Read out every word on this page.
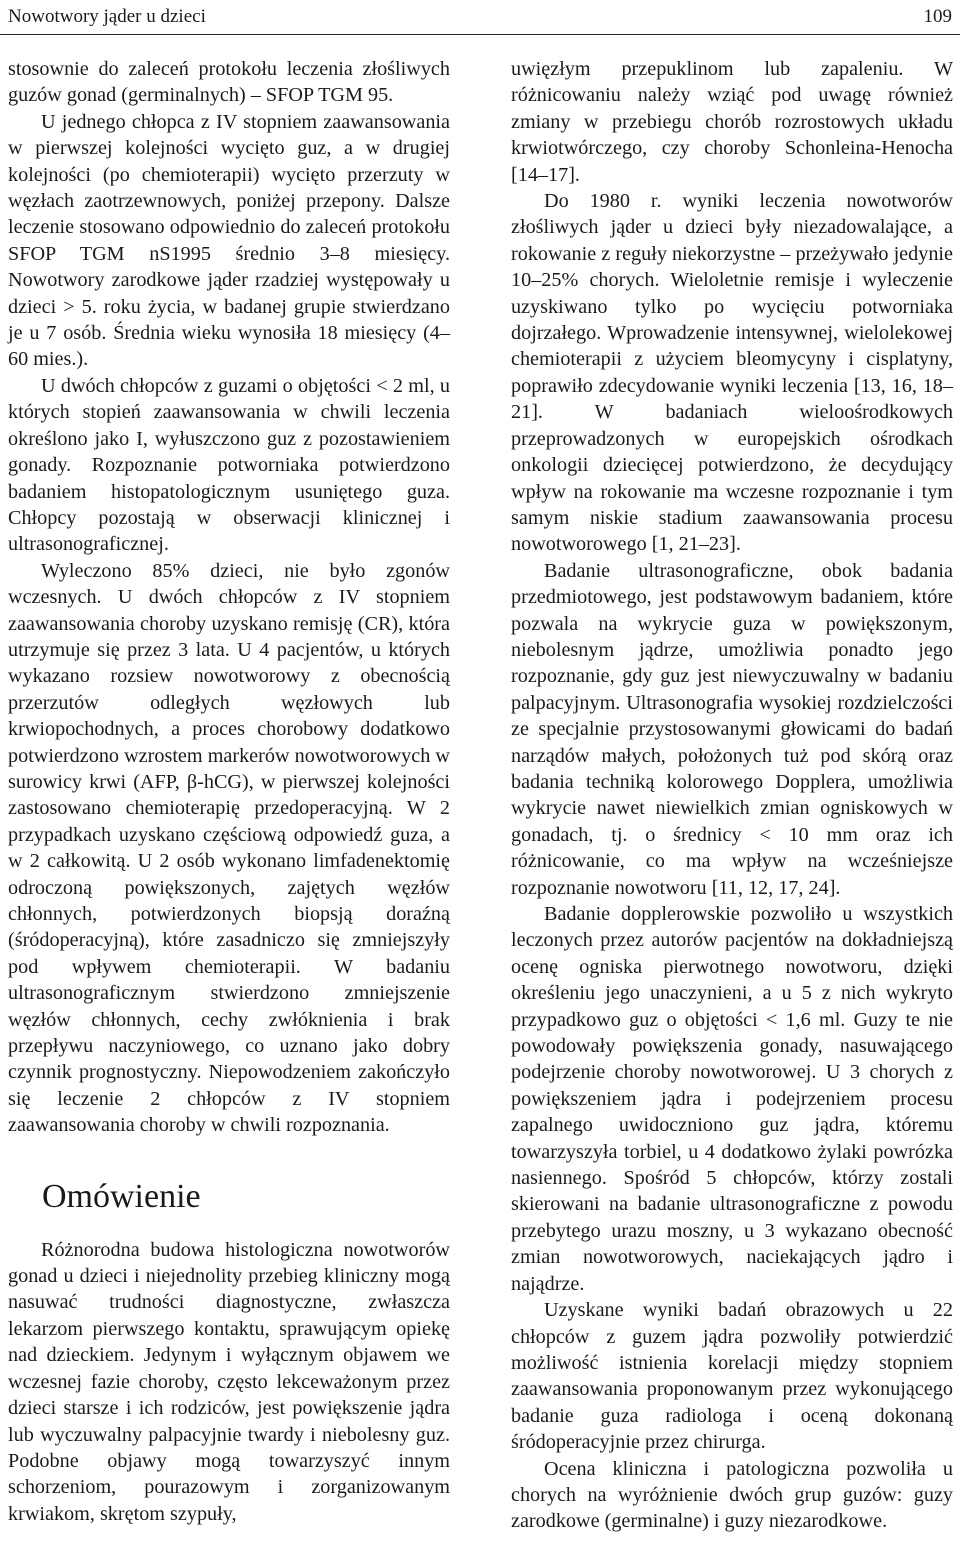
Nowotwory jąder u dzieci	109

stosownie do zaleceń protokołu leczenia złośliwych guzów gonad (germinalnych) – SFOP TGM 95.

U jednego chłopca z IV stopniem zaawansowania w pierwszej kolejności wycięto guz, a w drugiej kolejności (po chemioterapii) wycięto przerzuty w węzłach zaotrzewnowych, poniżej przepony. Dalsze leczenie stosowano odpowiednio do zaleceń protokołu SFOP TGM nS1995 średnio 3–8 miesięcy. Nowotwory zarodkowe jąder rzadziej występowały u dzieci > 5. roku życia, w badanej grupie stwierdzano je u 7 osób. Średnia wieku wynosiła 18 miesięcy (4–60 mies.).

U dwóch chłopców z guzami o objętości < 2 ml, u których stopień zaawansowania w chwili leczenia określono jako I, wyłuszczono guz z pozostawieniem gonady. Rozpoznanie potworniaka potwierdzono badaniem histopatologicznym usuniętego guza. Chłopcy pozostają w obserwacji klinicznej i ultrasonograficznej.

Wyleczono 85% dzieci, nie było zgonów wczesnych. U dwóch chłopców z IV stopniem zaawansowania choroby uzyskano remisję (CR), która utrzymuje się przez 3 lata. U 4 pacjentów, u których wykazano rozsiew nowotworowy z obecnością przerzutów odległych węzłowych lub krwiopochodnych, a proces chorobowy dodatkowo potwierdzono wzrostem markerów nowotworowych w surowicy krwi (AFP, β-hCG), w pierwszej kolejności zastosowano chemioterapię przedoperacyjną. W 2 przypadkach uzyskano częściową odpowiedź guza, a w 2 całkowitą. U 2 osób wykonano limfadenektomię odroczoną powiększonych, zajętych węzłów chłonnych, potwierdzonych biopsją doraźną (śródoperacyjną), które zasadniczo się zmniejszyły pod wpływem chemioterapii. W badaniu ultrasonograficznym stwierdzono zmniejszenie węzłów chłonnych, cechy zwłóknienia i brak przepływu naczyniowego, co uznano jako dobry czynnik prognostyczny. Niepowodzeniem zakończyło się leczenie 2 chłopców z IV stopniem zaawansowania choroby w chwili rozpoznania.

Omówienie

Różnorodna budowa histologiczna nowotworów gonad u dzieci i niejednolity przebieg kliniczny mogą nasuwać trudności diagnostyczne, zwłaszcza lekarzom pierwszego kontaktu, sprawującym opiekę nad dzieckiem. Jedynym i wyłącznym objawem we wczesnej fazie choroby, często lekceważonym przez dzieci starsze i ich rodziców, jest powiększenie jądra lub wyczuwalny palpacyjnie twardy i niebolesny guz. Podobne objawy mogą towarzyszyć innym schorzeniom, pourazowym i zorganizowanym krwiakom, skrętom szypuły,

uwięzłym przepuklinom lub zapaleniu. W różnicowaniu należy wziąć pod uwagę również zmiany w przebiegu chorób rozrostowych układu krwiotwórczego, czy choroby Schonleina-Henocha [14–17].

Do 1980 r. wyniki leczenia nowotworów złośliwych jąder u dzieci były niezadowalające, a rokowanie z reguły niekorzystne – przeżywało jedynie 10–25% chorych. Wieloletnie remisje i wyleczenie uzyskiwano tylko po wycięciu potworniaka dojrzałego. Wprowadzenie intensywnej, wielolekowej chemioterapii z użyciem bleomycyny i cisplatyny, poprawiło zdecydowanie wyniki leczenia [13, 16, 18–21]. W badaniach wieloośrodkowych przeprowadzonych w europejskich ośrodkach onkologii dziecięcej potwierdzono, że decydujący wpływ na rokowanie ma wczesne rozpoznanie i tym samym niskie stadium zaawansowania procesu nowotworowego [1, 21–23].

Badanie ultrasonograficzne, obok badania przedmiotowego, jest podstawowym badaniem, które pozwala na wykrycie guza w powiększonym, niebolesnym jądrze, umożliwia ponadto jego rozpoznanie, gdy guz jest niewyczuwalny w badaniu palpacyjnym. Ultrasonografia wysokiej rozdzielczości ze specjalnie przystosowanymi głowicami do badań narządów małych, położonych tuż pod skórą oraz badania techniką kolorowego Dopplera, umożliwia wykrycie nawet niewielkich zmian ogniskowych w gonadach, tj. o średnicy < 10 mm oraz ich różnicowanie, co ma wpływ na wcześniejsze rozpoznanie nowotworu [11, 12, 17, 24].

Badanie dopplerowskie pozwoliło u wszystkich leczonych przez autorów pacjentów na dokładniejszą ocenę ogniska pierwotnego nowotworu, dzięki określeniu jego unaczynieni, a u 5 z nich wykryto przypadkowo guz o objętości < 1,6 ml. Guzy te nie powodowały powiększenia gonady, nasuwającego podejrzenie choroby nowotworowej. U 3 chorych z powiększeniem jądra i podejrzeniem procesu zapalnego uwidoczniono guz jądra, któremu towarzyszyła torbiel, u 4 dodatkowo żylaki powrózka nasiennego. Spośród 5 chłopców, którzy zostali skierowani na badanie ultrasonograficzne z powodu przebytego urazu moszny, u 3 wykazano obecność zmian nowotworowych, naciekających jądro i najądrze.

Uzyskane wyniki badań obrazowych u 22 chłopców z guzem jądra pozwoliły potwierdzić możliwość istnienia korelacji między stopniem zaawansowania proponowanym przez wykonującego badanie guza radiologa i oceną dokonaną śródoperacyjnie przez chirurga.

Ocena kliniczna i patologiczna pozwoliła u chorych na wyróżnienie dwóch grup guzów: guzy zarodkowe (germinalne) i guzy niezarodkowe.
